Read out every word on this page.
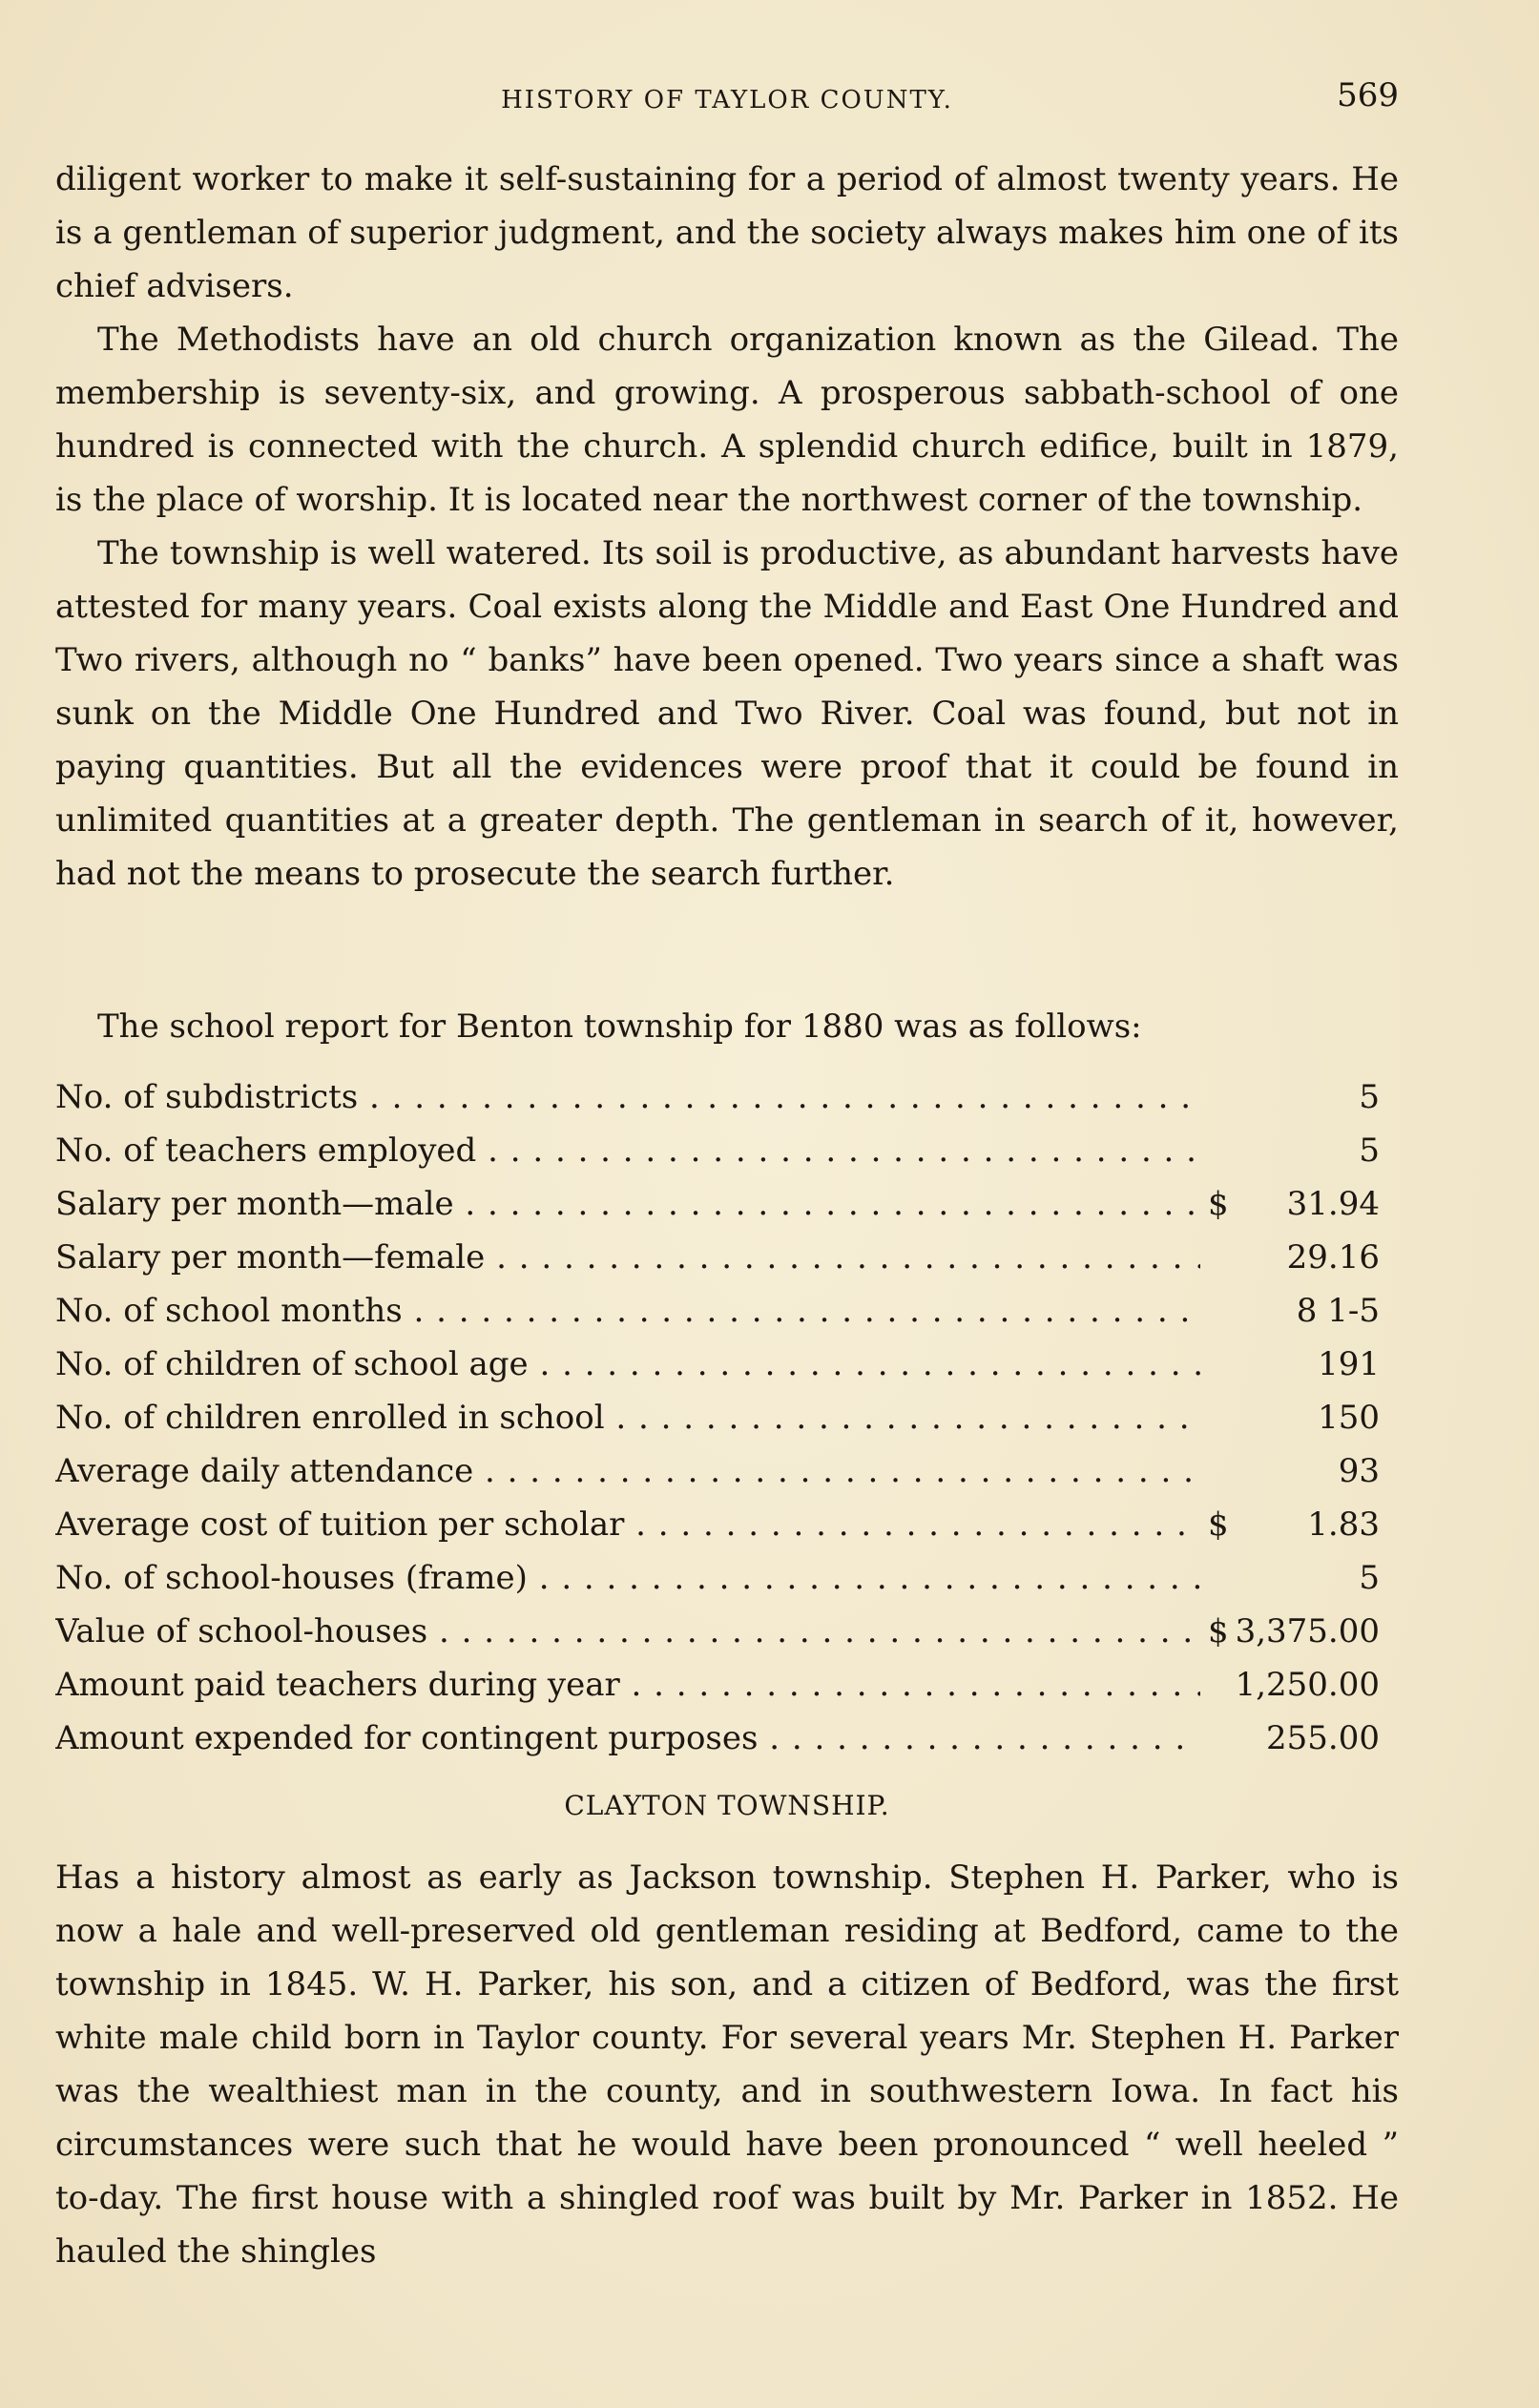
HISTORY OF TAYLOR COUNTY.	569

diligent worker to make it self-sustaining for a period of almost twenty years. He is a gentleman of superior judgment, and the society always makes him one of its chief advisers.

The Methodists have an old church organization known as the Gilead. The membership is seventy-six, and growing. A prosperous sabbath-school of one hundred is connected with the church. A splendid church edifice, built in 1879, is the place of worship. It is located near the northwest corner of the township.

The township is well watered. Its soil is productive, as abundant harvests have attested for many years. Coal exists along the Middle and East One Hundred and Two rivers, although no “ banks” have been opened. Two years since a shaft was sunk on the Middle One Hundred and Two River. Coal was found, but not in paying quantities. But all the evidences were proof that it could be found in unlimited quantities at a greater depth. The gentleman in search of it, however, had not the means to prosecute the search further.

The school report for Benton township for 1880 was as follows:

No. of subdistricts . . .	5
No. of teachers employed . . .	5
Salary per month—male . . .	$	31.94
Salary per month—female . . .	29.16
No. of school months . . .	8 1-5
No. of children of school age . . .	191
No. of children enrolled in school . . .	150
Average daily attendance . . .	93
Average cost of tuition per scholar . . .	$	1.83
No. of school-houses (frame) . . .	5
Value of school-houses . . .	$ 3,375.00
Amount paid teachers during year . . .	1,250.00
Amount expended for contingent purposes . . .	255.00
CLAYTON TOWNSHIP.

Has a history almost as early as Jackson township. Stephen H. Parker, who is now a hale and well-preserved old gentleman residing at Bedford, came to the township in 1845. W. H. Parker, his son, and a citizen of Bedford, was the first white male child born in Taylor county. For several years Mr. Stephen H. Parker was the wealthiest man in the county, and in southwestern Iowa. In fact his circumstances were such that he would have been pronounced “ well heeled ” to-day. The first house with a shingled roof was built by Mr. Parker in 1852. He hauled the shingles
